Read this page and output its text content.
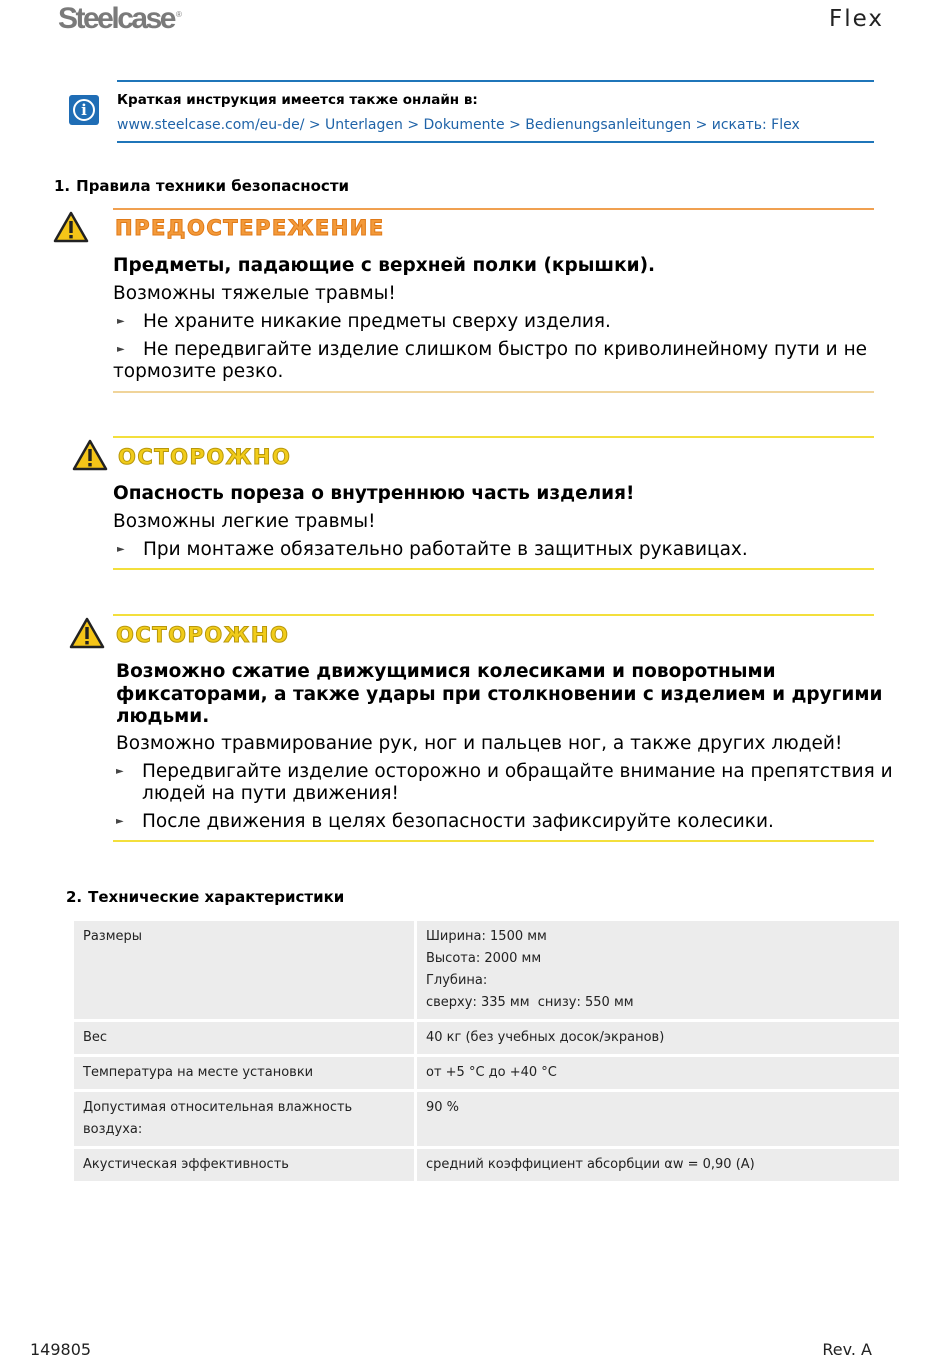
Steelcase ®	Flex
i
Краткая инструкция имеется также онлайн в:
www.steelcase.com/eu-de/ > Unterlagen > Dokumente > Bedienungsanleitungen > искать: Flex
1. Правила техники безопасности
ПРЕДОСТЕРЕЖЕНИЕ
Предметы, падающие с верхней полки (крышки).
Возможны тяжелые травмы!
► Не храните никакие предметы сверху изделия.
► Не передвигайте изделие слишком быстро по криволинейному пути и не
тормозите резко.
ОСТОРОЖНО
Опасность пореза о внутреннюю часть изделия!
Возможны легкие травмы!
► При монтаже обязательно работайте в защитных рукавицах.
ОСТОРОЖНО
Возможно сжатие движущимися колесиками и поворотными
фиксаторами, а также удары при столкновении с изделием и другими
людьми.
Возможно травмирование рук, ног и пальцев ног, а также других людей!
► Передвигайте изделие осторожно и обращайте внимание на препятствия и
людей на пути движения!
► После движения в целях безопасности зафиксируйте колесики.
2. Технические характеристики
Размеры	Ширина: 1500 мм
Высота: 2000 мм
Глубина:
сверху: 335 мм  снизу: 550 мм

Вес	40 кг (без учебных досок/экранов)
Температура на месте установки	от +5 °C до +40 °C
Допустимая относительная влажность воздуха:	90 %
Акустическая эффективность	средний коэффициент абсорбции αw = 0,90 (A)
149805	Rev. A
